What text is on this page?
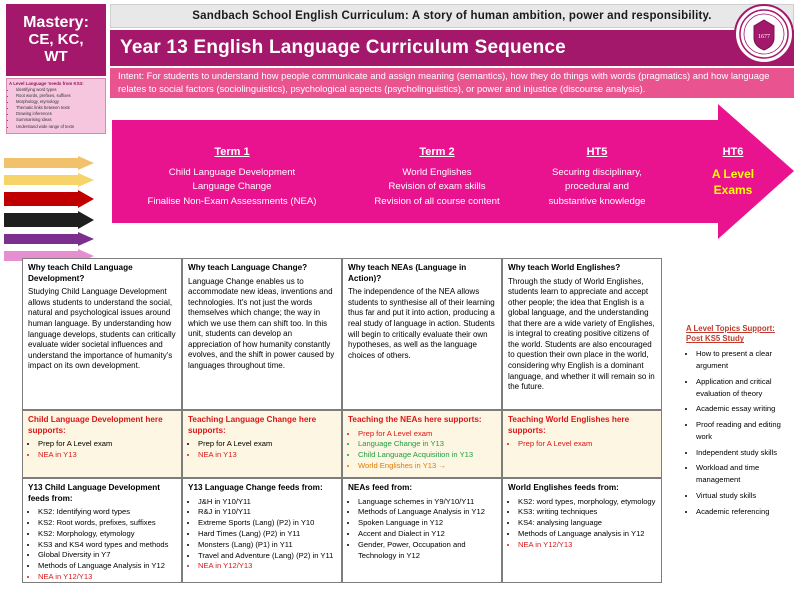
Mastery:
CE, KC,
WT
A Level Language 'needs from KS3:
• Identifying word types
• Root words, prefixes, suffixes
• Morphology, etymology
• Thematic links between texts
• Drawing inferences
• Summarising ideas
• Understand wide range of texts
Sandbach School English Curriculum: A story of human ambition, power and responsibility.
Year 13 English Language Curriculum Sequence
Intent: For students to understand how people communicate and assign meaning (semantics), how they do things with words (pragmatics) and how language relates to social factors (sociolinguistics), psychological aspects (psycholinguistics), or power and injustice (discourse analysis).
1677
Term 1
Child Language Development
Language Change
Finalise Non-Exam Assessments (NEA)
Term 2
World Englishes
Revision of exam skills
Revision of all course content
HT5
Securing disciplinary,
procedural and
substantive knowledge
HT6
A Level
Exams
Why teach Child Language Development?

Studying Child Language Development allows students to understand the social, natural and psychological issues around human language. By understanding how language develops, students can critically evaluate wider societal influences and understand the importance of humanity's impact on its own development.

Why teach Language Change?

Language Change enables us to accommodate new ideas, inventions and technologies. It's not just the words themselves which change; the way in which we use them can shift too. In this unit, students can develop an appreciation of how humanity constantly evolves, and the shift in power caused by languages throughout time.

Why teach NEAs (Language in Action)?

The independence of the NEA allows students to synthesise all of their learning thus far and put it into action, producing a real study of language in action. Students will begin to critically evaluate their own hypotheses, as well as the language choices of others.

Why teach World Englishes?

Through the study of World Englishes, students learn to appreciate and accept other people; the idea that English is a global language, and the understanding that there are a wide variety of Englishes, is integral to creating positive citizens of the world. Students are also encouraged to question their own place in the world, considering why English is a dominant language, and whether it will remain so in the future.

Child Language Development here supports:
• Prep for A Level exam
• NEA in Y13
Teaching Language Change here supports:
• Prep for A Level exam
• NEA in Y13
Teaching the NEAs here supports:
• Prep for A Level exam
• Language Change in Y13
• Child Language Acquisition in Y13
• World Englishes in Y13 →
Teaching World Englishes here supports:
• Prep for A Level exam
Y13 Child Language Development feeds from:
• KS2: Identifying word types
• KS2: Root words, prefixes, suffixes
• KS2: Morphology, etymology
• KS3 and KS4 word types and methods
• Global Diversity in Y7
• Methods of Language Analysis in Y12
• NEA in Y12/Y13
Y13 Language Change feeds from:
• J&H in Y10/Y11
• R&J in Y10/Y11
• Extreme Sports (Lang) (P2) in Y10
• Hard Times (Lang) (P2) in Y11
• Monsters (Lang) (P1) in Y11
• Travel and Adventure (Lang) (P2) in Y11
• NEA in Y12/Y13
NEAs feed from:
• Language schemes in Y9/Y10/Y11
• Methods of Language Analysis in Y12
• Spoken Language in Y12
• Accent and Dialect in Y12
• Gender, Power, Occupation and Technology in Y12
World Englishes feeds from:
• KS2: word types, morphology, etymology
• KS3: writing techniques
• KS4: analysing language
• Methods of Language analysis in Y12
• NEA in Y12/Y13
A Level Topics Support: Post KS5 Study
• How to present a clear argument
• Application and critical evaluation of theory
• Academic essay writing
• Proof reading and editing work
• Independent study skills
• Workload and time management
• Virtual study skills
• Academic referencing
